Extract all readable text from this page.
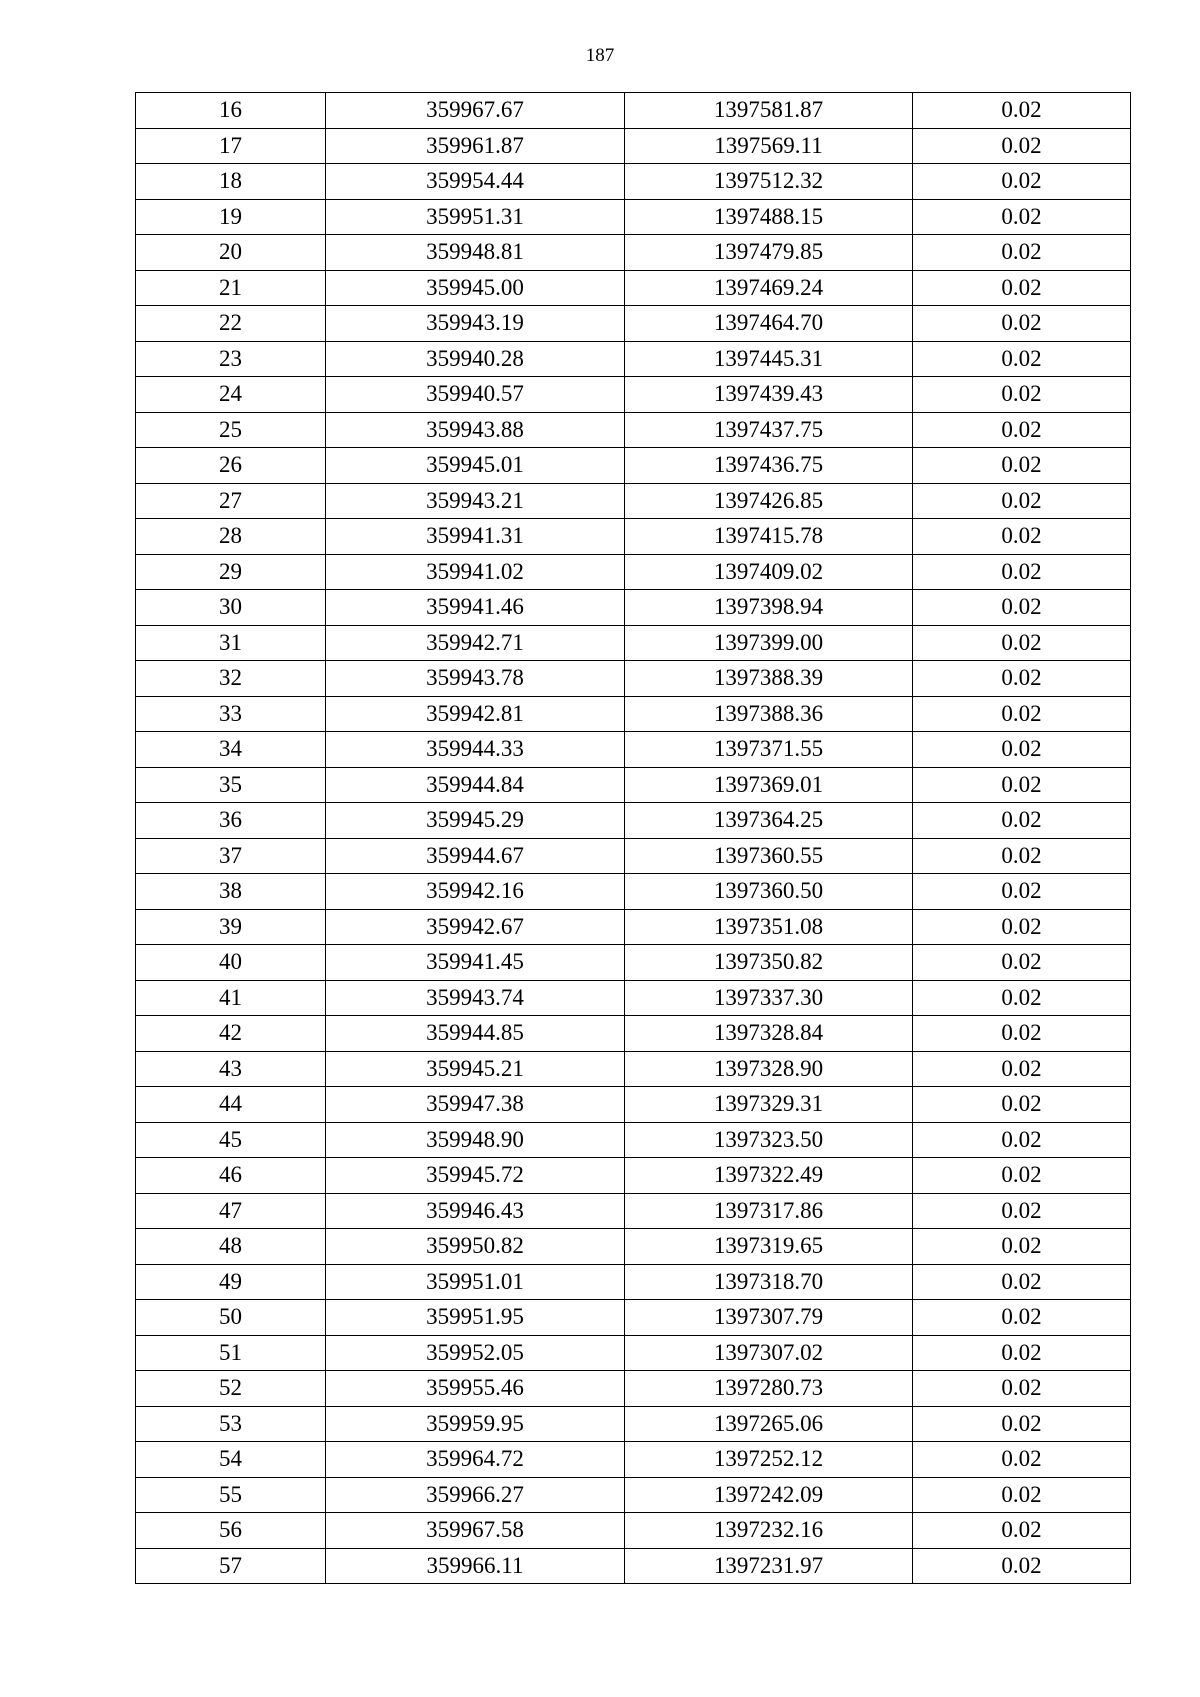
187
16	359967.67	1397581.87	0.02
17	359961.87	1397569.11	0.02
18	359954.44	1397512.32	0.02
19	359951.31	1397488.15	0.02
20	359948.81	1397479.85	0.02
21	359945.00	1397469.24	0.02
22	359943.19	1397464.70	0.02
23	359940.28	1397445.31	0.02
24	359940.57	1397439.43	0.02
25	359943.88	1397437.75	0.02
26	359945.01	1397436.75	0.02
27	359943.21	1397426.85	0.02
28	359941.31	1397415.78	0.02
29	359941.02	1397409.02	0.02
30	359941.46	1397398.94	0.02
31	359942.71	1397399.00	0.02
32	359943.78	1397388.39	0.02
33	359942.81	1397388.36	0.02
34	359944.33	1397371.55	0.02
35	359944.84	1397369.01	0.02
36	359945.29	1397364.25	0.02
37	359944.67	1397360.55	0.02
38	359942.16	1397360.50	0.02
39	359942.67	1397351.08	0.02
40	359941.45	1397350.82	0.02
41	359943.74	1397337.30	0.02
42	359944.85	1397328.84	0.02
43	359945.21	1397328.90	0.02
44	359947.38	1397329.31	0.02
45	359948.90	1397323.50	0.02
46	359945.72	1397322.49	0.02
47	359946.43	1397317.86	0.02
48	359950.82	1397319.65	0.02
49	359951.01	1397318.70	0.02
50	359951.95	1397307.79	0.02
51	359952.05	1397307.02	0.02
52	359955.46	1397280.73	0.02
53	359959.95	1397265.06	0.02
54	359964.72	1397252.12	0.02
55	359966.27	1397242.09	0.02
56	359967.58	1397232.16	0.02
57	359966.11	1397231.97	0.02
